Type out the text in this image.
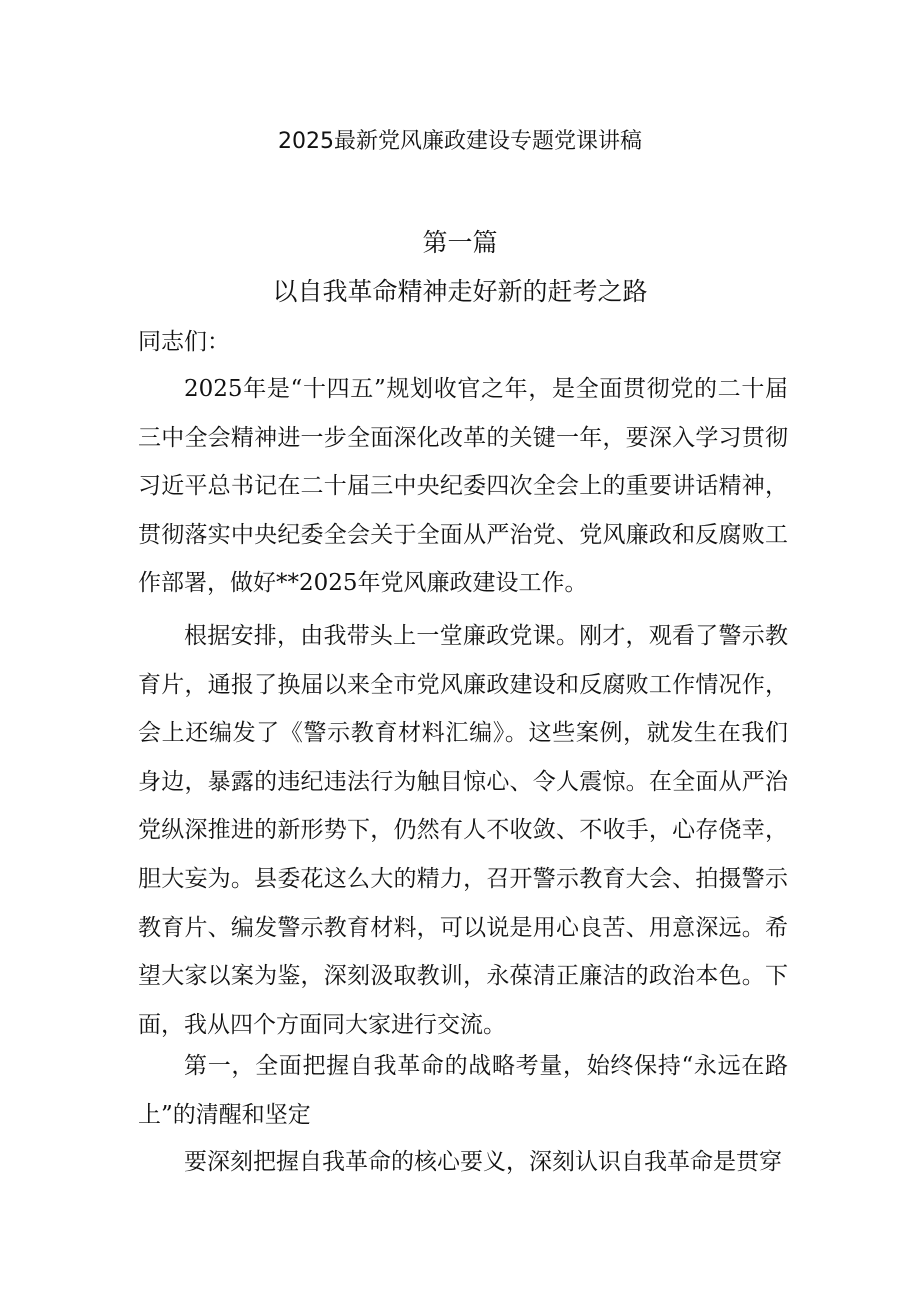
2025最新党风廉政建设专题党课讲稿
第一篇
以自我革命精神走好新的赶考之路
同志们：

2025年是“十四五”规划收官之年，是全面贯彻党的二十届三中全会精神进一步全面深化改革的关键一年，要深入学习贯彻习近平总书记在二十届三中央纪委四次全会上的重要讲话精神，贯彻落实中央纪委全会关于全面从严治党、党风廉政和反腐败工作部署，做好**2025年党风廉政建设工作。

根据安排，由我带头上一堂廉政党课。刚才，观看了警示教育片，通报了换届以来全市党风廉政建设和反腐败工作情况作，会上还编发了《警示教育材料汇编》。这些案例，就发生在我们身边，暴露的违纪违法行为触目惊心、令人震惊。在全面从严治党纵深推进的新形势下，仍然有人不收敛、不收手，心存侥幸，胆大妄为。县委花这么大的精力，召开警示教育大会、拍摄警示教育片、编发警示教育材料，可以说是用心良苦、用意深远。希望大家以案为鉴，深刻汲取教训，永葆清正廉洁的政治本色。下面，我从四个方面同大家进行交流。

第一，全面把握自我革命的战略考量，始终保持“永远在路上”的清醒和坚定

要深刻把握自我革命的核心要义，深刻认识自我革命是贯穿
